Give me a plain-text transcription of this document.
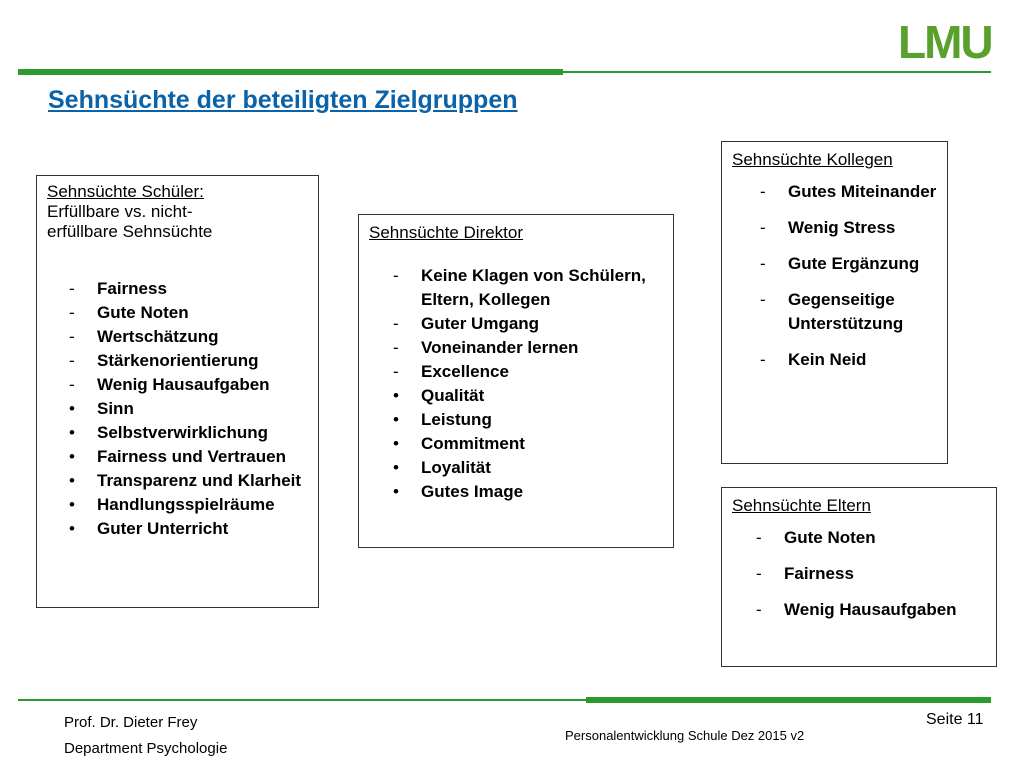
LMU
Sehnsüchte der beteiligten Zielgruppen
Sehnsüchte Schüler:
Erfüllbare vs. nicht-
erfüllbare Sehnsüchte
- Fairness
- Gute Noten
- Wertschätzung
- Stärkenorientierung
- Wenig Hausaufgaben
• Sinn
• Selbstverwirklichung
• Fairness und Vertrauen
• Transparenz und Klarheit
• Handlungsspielräume
• Guter Unterricht
Sehnsüchte Direktor
- Keine Klagen von Schülern, Eltern, Kollegen
- Guter Umgang
- Voneinander lernen
- Excellence
• Qualität
• Leistung
• Commitment
• Loyalität
• Gutes Image
Sehnsüchte Kollegen
- Gutes Miteinander
- Wenig Stress
- Gute Ergänzung
- Gegenseitige Unterstützung
- Kein Neid
Sehnsüchte Eltern
- Gute Noten
- Fairness
- Wenig Hausaufgaben
Prof. Dr. Dieter Frey
Department Psychologie
Personalentwicklung Schule Dez 2015 v2
Seite 11
